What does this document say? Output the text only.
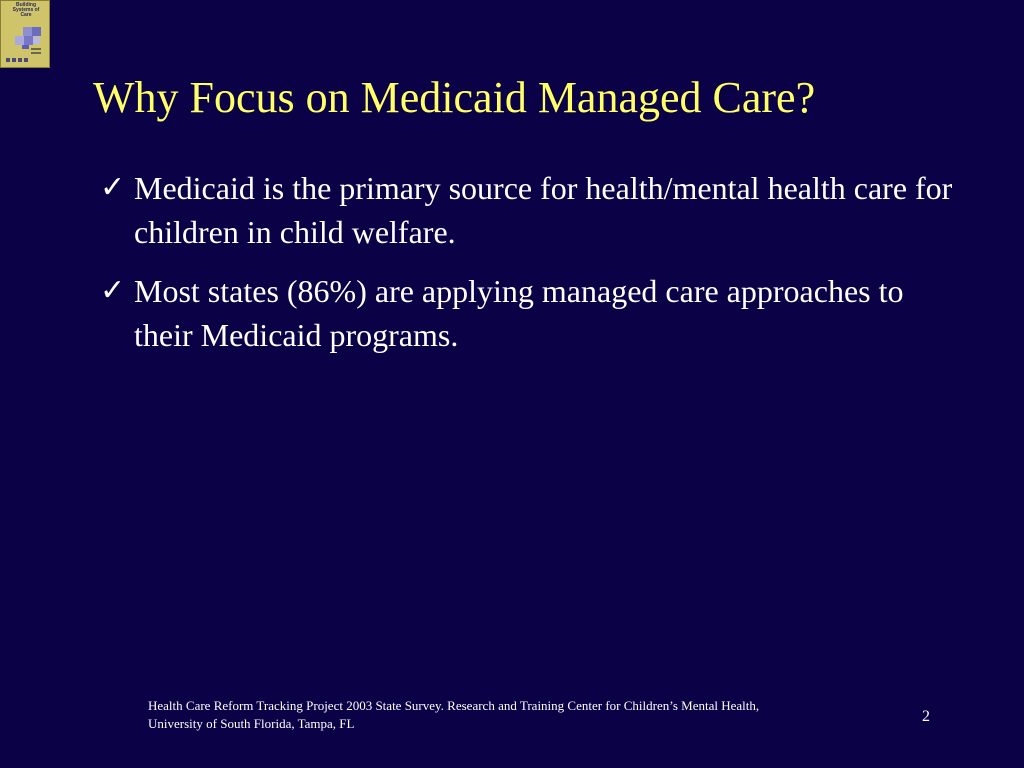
Building Systems of Care
Why Focus on Medicaid Managed Care?
✓ Medicaid is the primary source for health/mental health care for children in child welfare.
✓ Most states (86%) are applying managed care approaches to their Medicaid programs.
Health Care Reform Tracking Project 2003 State Survey. Research and Training Center for Children’s Mental Health,
University of South Florida, Tampa, FL	2
